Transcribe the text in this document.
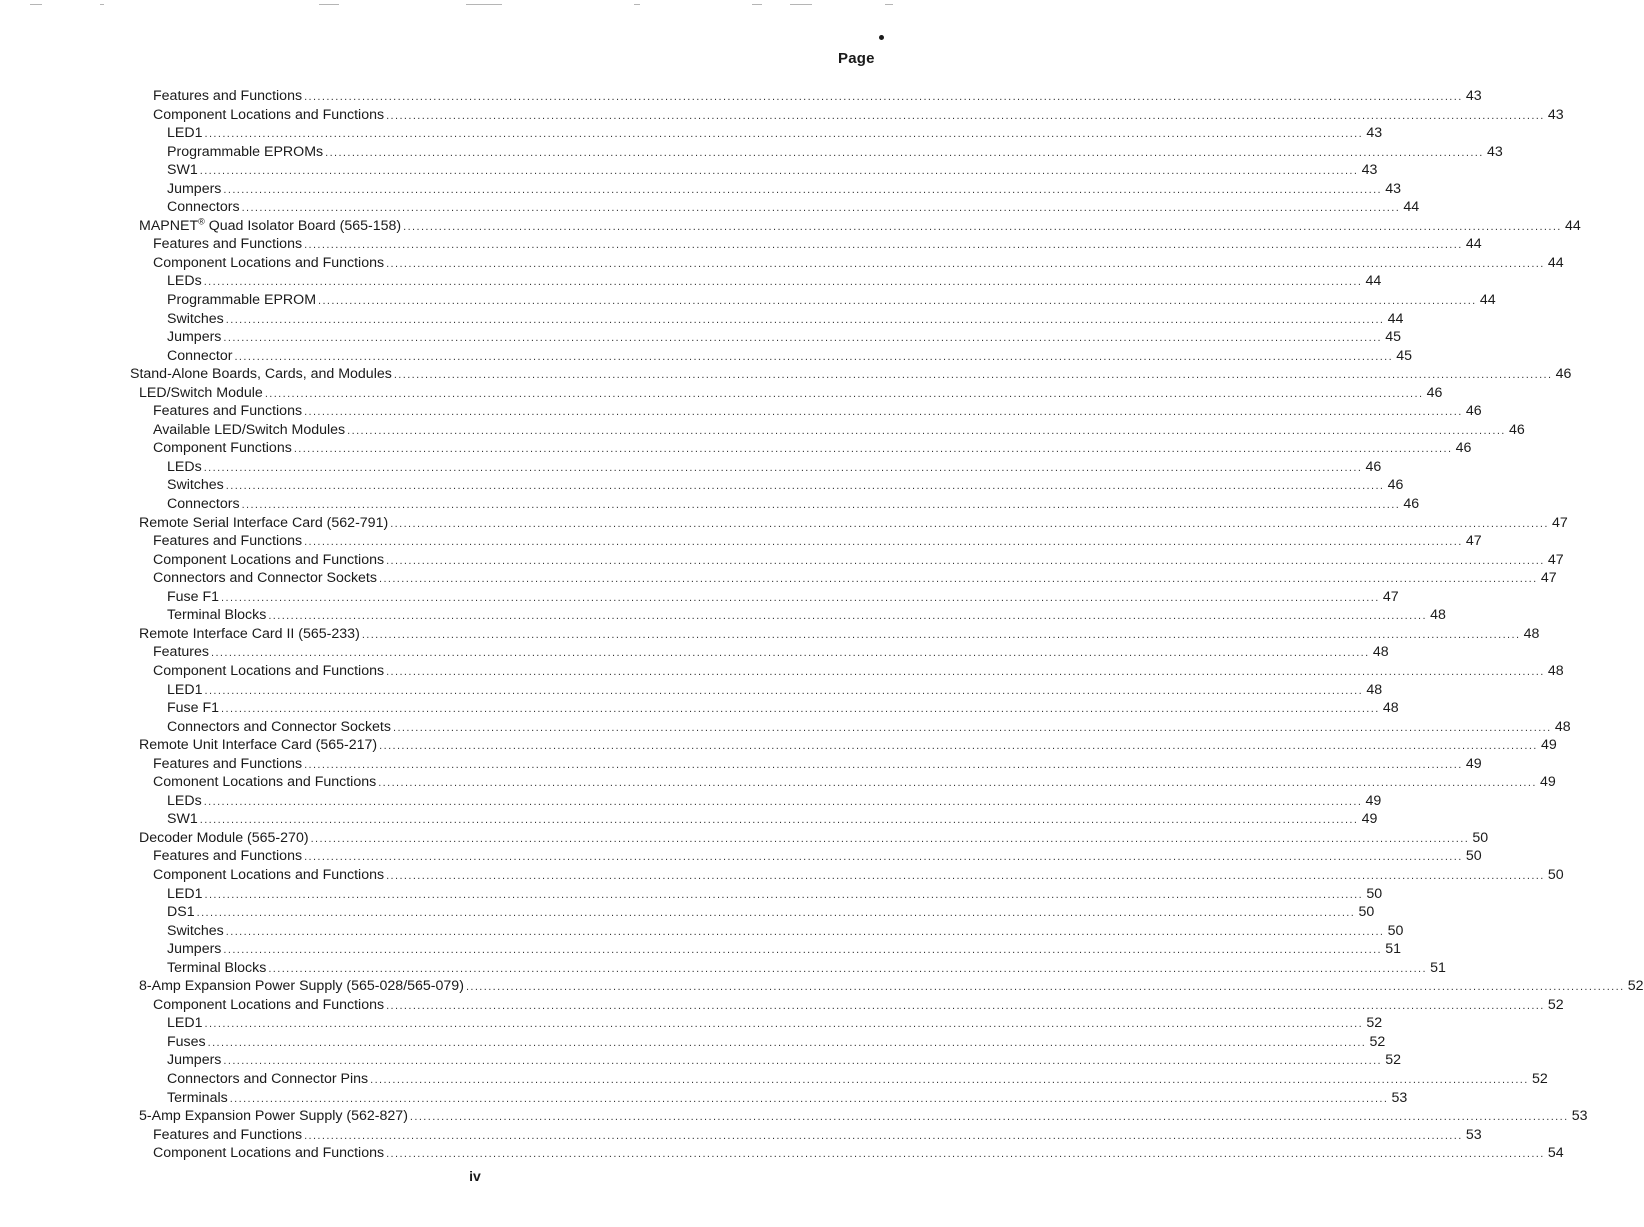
Page
Features and Functions .................................................................................................................................................................................................................................................................... 43
Component Locations and Functions .................................................................................................................................................................................................................................................................... 43
LED1 .................................................................................................................................................................................................................................................................... 43
Programmable EPROMs .................................................................................................................................................................................................................................................................... 43
SW1 .................................................................................................................................................................................................................................................................... 43
Jumpers .................................................................................................................................................................................................................................................................... 43
Connectors .................................................................................................................................................................................................................................................................... 44
MAPNET® Quad Isolator Board (565-158) .................................................................................................................................................................................................................................................................... 44
Features and Functions .................................................................................................................................................................................................................................................................... 44
Component Locations and Functions .................................................................................................................................................................................................................................................................... 44
LEDs .................................................................................................................................................................................................................................................................... 44
Programmable EPROM .................................................................................................................................................................................................................................................................... 44
Switches .................................................................................................................................................................................................................................................................... 44
Jumpers .................................................................................................................................................................................................................................................................... 45
Connector .................................................................................................................................................................................................................................................................... 45
Stand-Alone Boards, Cards, and Modules .................................................................................................................................................................................................................................................................... 46
LED/Switch Module .................................................................................................................................................................................................................................................................... 46
Features and Functions .................................................................................................................................................................................................................................................................... 46
Available LED/Switch Modules .................................................................................................................................................................................................................................................................... 46
Component Functions .................................................................................................................................................................................................................................................................... 46
LEDs .................................................................................................................................................................................................................................................................... 46
Switches .................................................................................................................................................................................................................................................................... 46
Connectors .................................................................................................................................................................................................................................................................... 46
Remote Serial Interface Card (562-791) .................................................................................................................................................................................................................................................................... 47
Features and Functions .................................................................................................................................................................................................................................................................... 47
Component Locations and Functions .................................................................................................................................................................................................................................................................... 47
Connectors and Connector Sockets .................................................................................................................................................................................................................................................................... 47
Fuse F1 .................................................................................................................................................................................................................................................................... 47
Terminal Blocks .................................................................................................................................................................................................................................................................... 48
Remote Interface Card II (565-233) .................................................................................................................................................................................................................................................................... 48
Features .................................................................................................................................................................................................................................................................... 48
Component Locations and Functions .................................................................................................................................................................................................................................................................... 48
LED1 .................................................................................................................................................................................................................................................................... 48
Fuse F1 .................................................................................................................................................................................................................................................................... 48
Connectors and Connector Sockets .................................................................................................................................................................................................................................................................... 48
Remote Unit Interface Card (565-217) .................................................................................................................................................................................................................................................................... 49
Features and Functions .................................................................................................................................................................................................................................................................... 49
Comonent Locations and Functions .................................................................................................................................................................................................................................................................... 49
LEDs .................................................................................................................................................................................................................................................................... 49
SW1 .................................................................................................................................................................................................................................................................... 49
Decoder Module (565-270) .................................................................................................................................................................................................................................................................... 50
Features and Functions .................................................................................................................................................................................................................................................................... 50
Component Locations and Functions .................................................................................................................................................................................................................................................................... 50
LED1 .................................................................................................................................................................................................................................................................... 50
DS1 .................................................................................................................................................................................................................................................................... 50
Switches .................................................................................................................................................................................................................................................................... 50
Jumpers .................................................................................................................................................................................................................................................................... 51
Terminal Blocks .................................................................................................................................................................................................................................................................... 51
8-Amp Expansion Power Supply (565-028/565-079) .................................................................................................................................................................................................................................................................... 52
Component Locations and Functions .................................................................................................................................................................................................................................................................... 52
LED1 .................................................................................................................................................................................................................................................................... 52
Fuses .................................................................................................................................................................................................................................................................... 52
Jumpers .................................................................................................................................................................................................................................................................... 52
Connectors and Connector Pins .................................................................................................................................................................................................................................................................... 52
Terminals .................................................................................................................................................................................................................................................................... 53
5-Amp Expansion Power Supply (562-827) .................................................................................................................................................................................................................................................................... 53
Features and Functions .................................................................................................................................................................................................................................................................... 53
Component Locations and Functions .................................................................................................................................................................................................................................................................... 54
iv
